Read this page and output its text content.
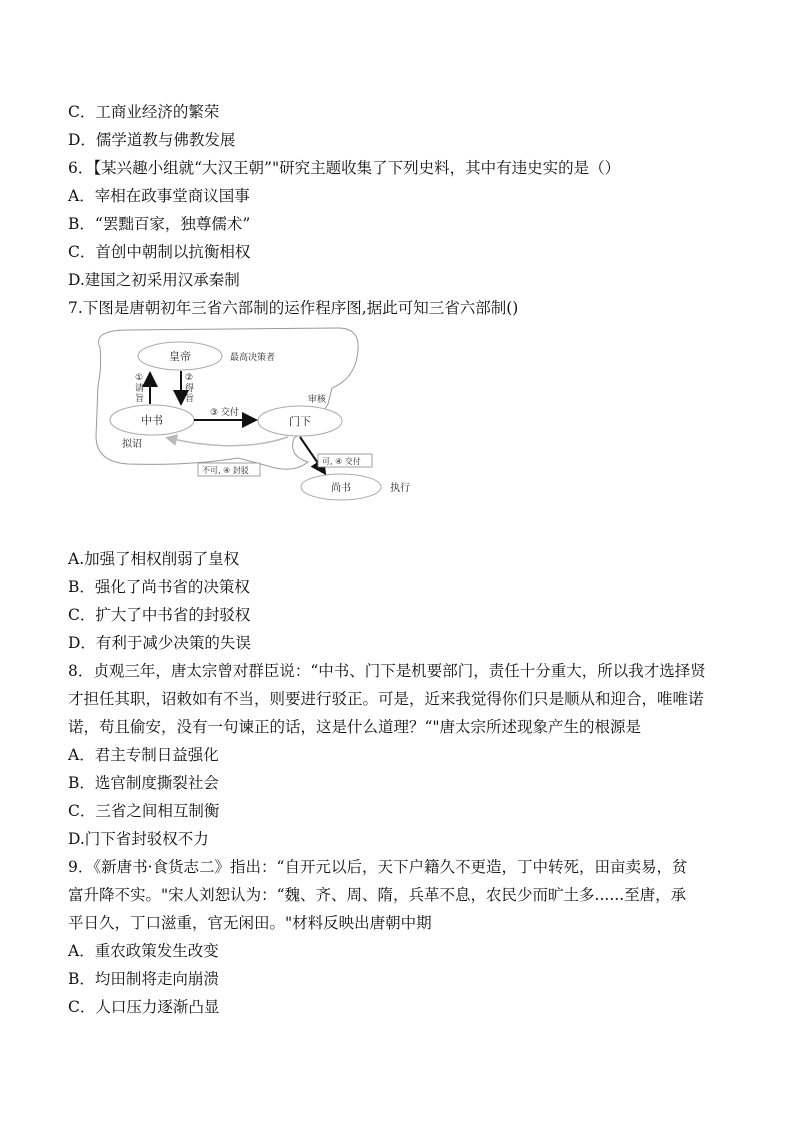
C．工商业经济的繁荣
D．儒学道教与佛教发展
6．【某兴趣小组就“大汉王朝”"研究主题收集了下列史料，其中有违史实的是（）
A．宰相在政事堂商议国事
B．“罢黜百家，独尊儒术”
C．首创中朝制以抗衡相权
D.建国之初采用汉承秦制
7.下图是唐朝初年三省六部制的运作程序图,据此可知三省六部制()
皇帝	最高决策者
中书
拟诏
门下
审核
尚书	执行
①
请
旨
②
得
旨
③ 交付
不可, ④ 封驳
可, ④ 交付
A.加强了相权削弱了皇权
B．强化了尚书省的决策权
C．扩大了中书省的封驳权
D．有利于减少决策的失误
8．贞观三年，唐太宗曾对群臣说：“中书、门下是机要部门，责任十分重大，所以我才选择贤
才担任其职，诏敕如有不当，则要进行驳正。可是，近来我觉得你们只是顺从和迎合，唯唯诺
诺，苟且偷安，没有一句谏正的话，这是什么道理？“"唐太宗所述现象产生的根源是
A．君主专制日益强化
B．选官制度撕裂社会
C．三省之间相互制衡
D.门下省封驳权不力
9．《新唐书·食货志二》指出：“自开元以后，天下户籍久不更造，丁中转死，田亩卖易，贫
富升降不实。"宋人刘恕认为：“魏、齐、周、隋，兵革不息，农民少而旷土多......至唐，承
平日久，丁口滋重，官无闲田。"材料反映出唐朝中期
A．重农政策发生改变
B．均田制将走向崩溃
C．人口压力逐渐凸显
